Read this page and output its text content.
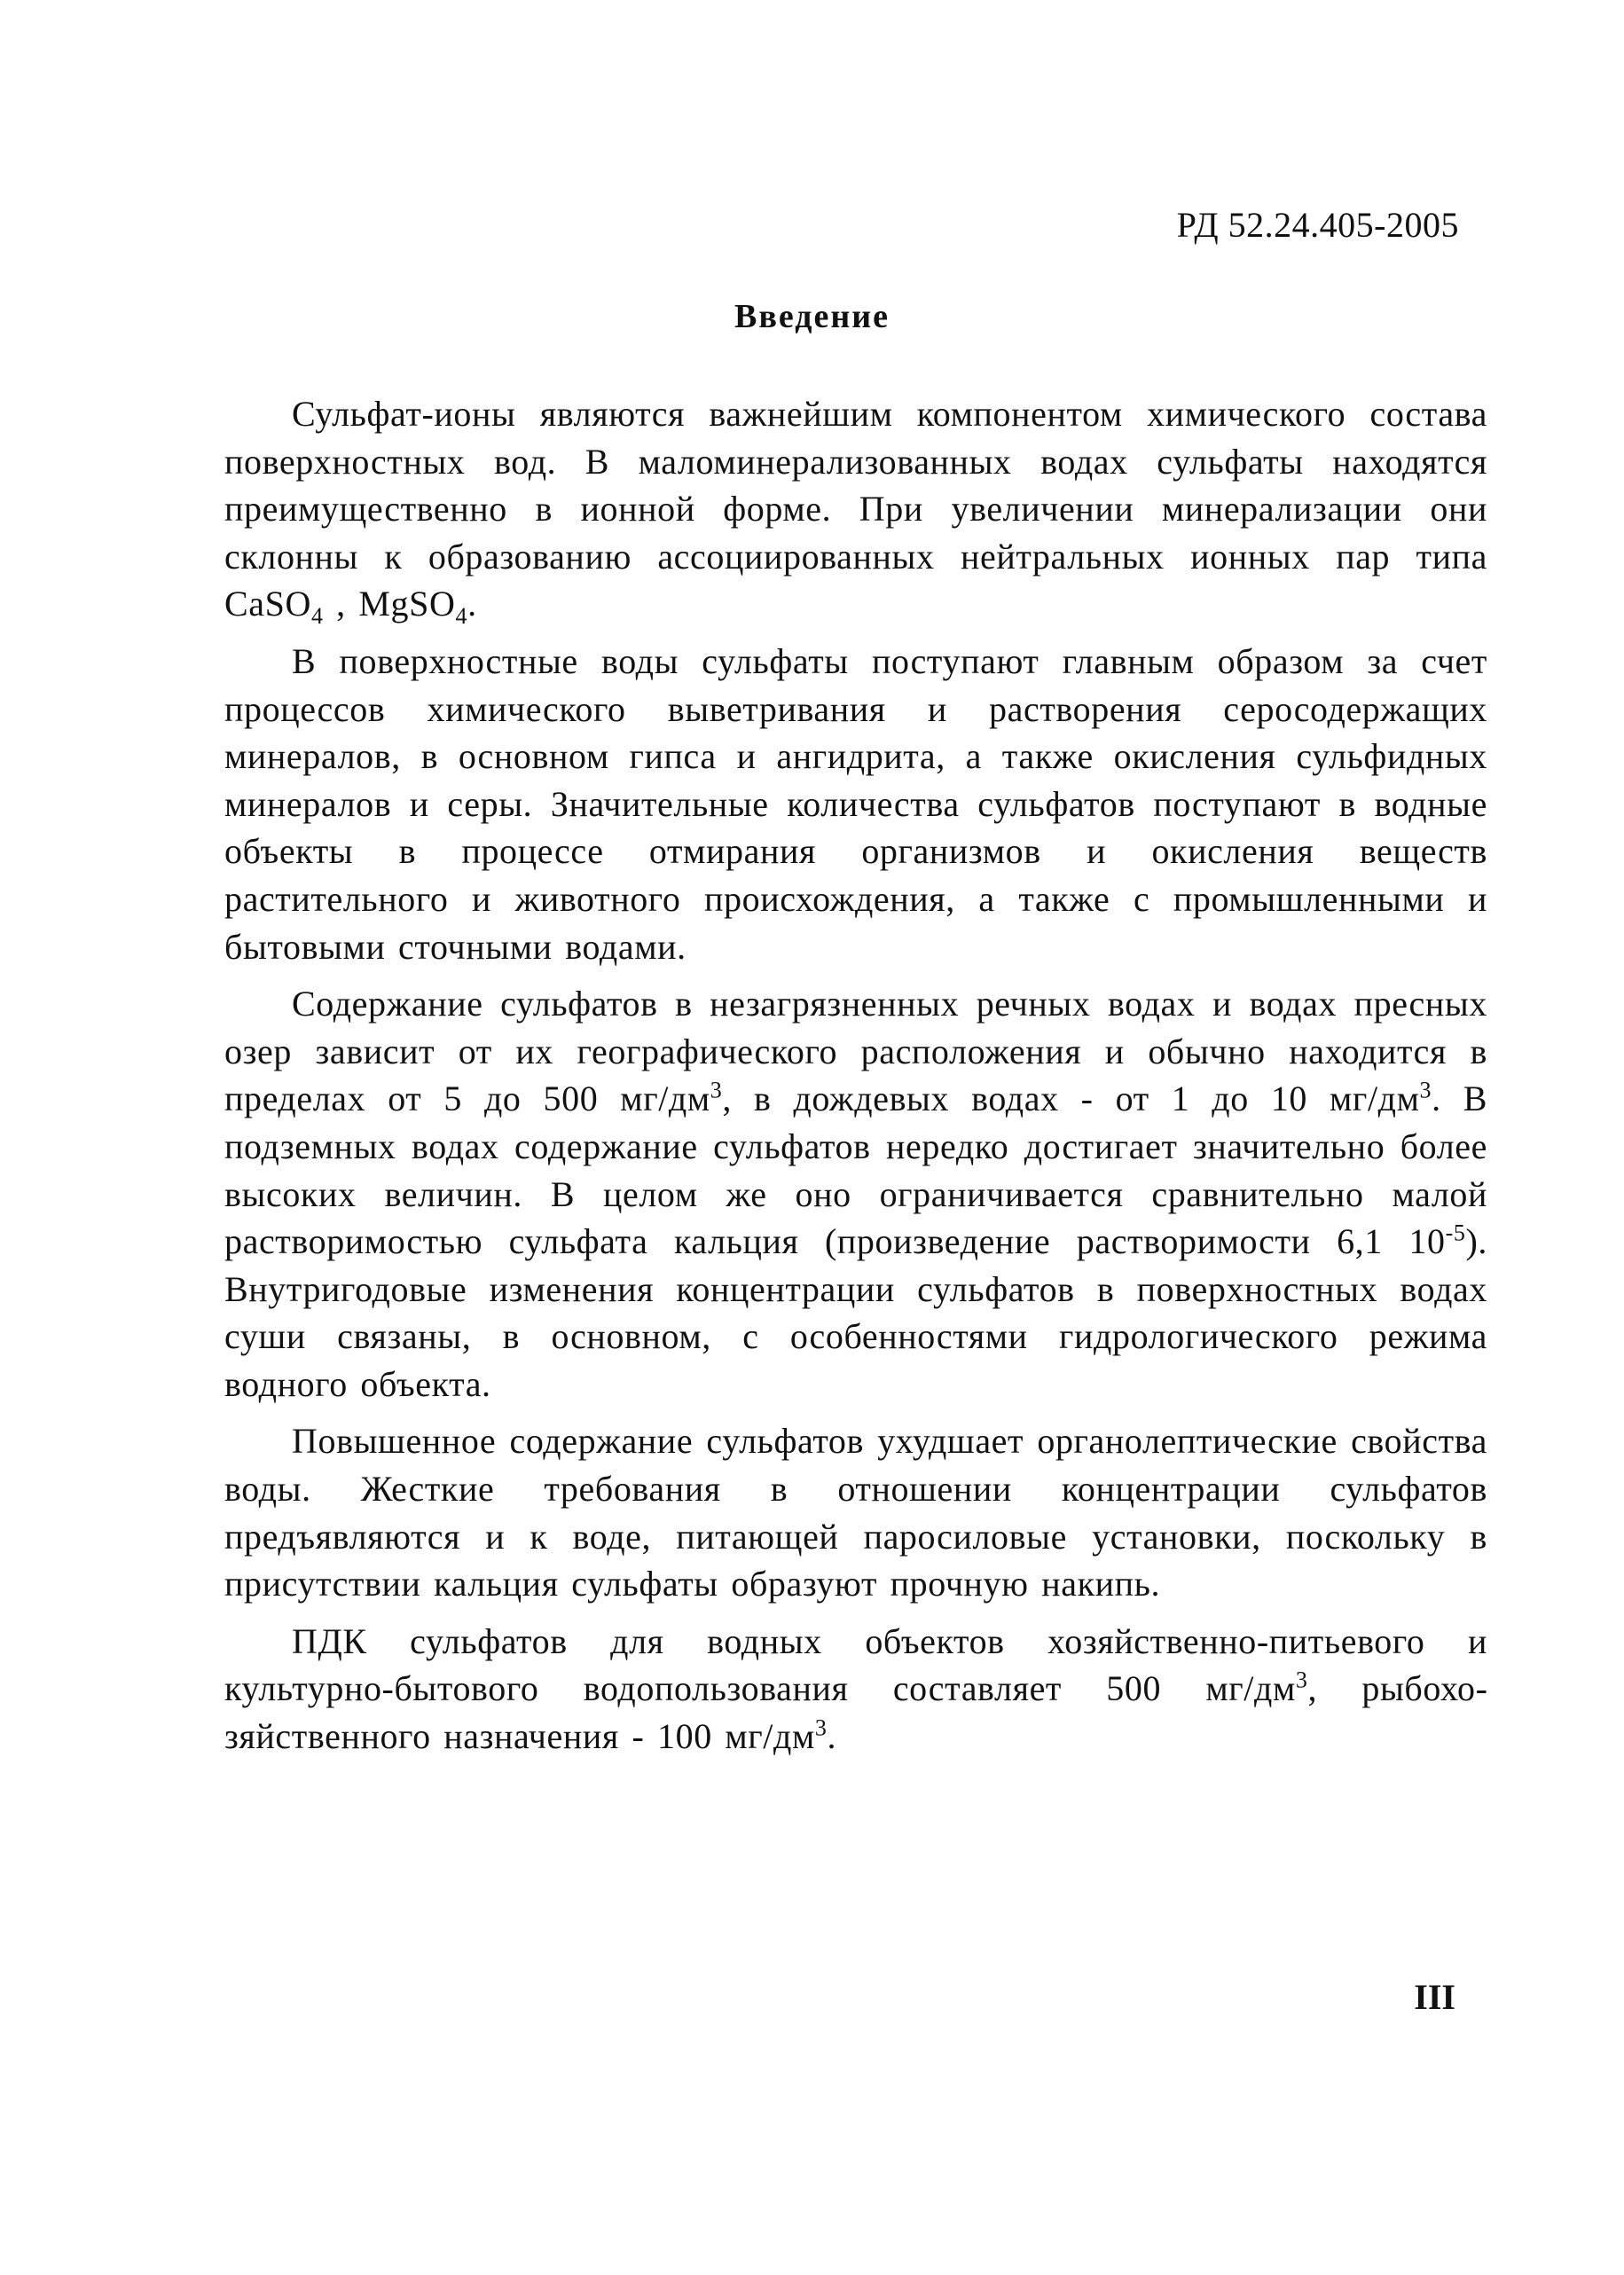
РД 52.24.405-2005
Введение

Сульфат-ионы являются важнейшим компонентом химического состава поверхностных вод. В маломинерализованных водах сульфаты находятся преимущественно в ионной форме. При увеличении минерализации они склонны к образованию ассоциированных нейтральных ионных пар типа CaSO$_4$ , MgSO$_4$.

В поверхностные воды сульфаты поступают главным образом за счет процессов химического выветривания и растворения серосодержащих минералов, в основном гипса и ангидрита, а также окисления сульфидных минералов и серы. Значительные количества сульфатов поступают в водные объекты в процессе отмирания организмов и окисления веществ растительного и животного происхождения, а также с промышленными и бытовыми сточными водами.

Содержание сульфатов в незагрязненных речных водах и водах пресных озер зависит от их географического расположения и обычно находится в пределах от 5 до 500 $мг/дм^3$, в дождевых водах - от 1 до 10 $мг/дм^3$. В подземных водах содержание сульфатов нередко достигает значительно более высоких величин. В целом же оно ограничивается сравнительно малой растворимостью сульфата кальция (произведение растворимости 6,1 $10^{-5}$). Внутригодовые изменения концентрации сульфатов в поверхностных водах суши связаны, в основном, с особенностями гидрологического режима водного объекта.

Повышенное содержание сульфатов ухудшает органолептические свойства воды. Жесткие требования в отношении концентрации сульфатов предъявляются и к воде, питающей паросиловые установки, поскольку в присутствии кальция сульфаты образуют прочную накипь.

ПДК сульфатов для водных объектов хозяйственно-питьевого и культурно-бытового водопользования составляет 500 $мг/дм^3$, рыбохозяйственного назначения - 100 $мг/дм^3$.

III
